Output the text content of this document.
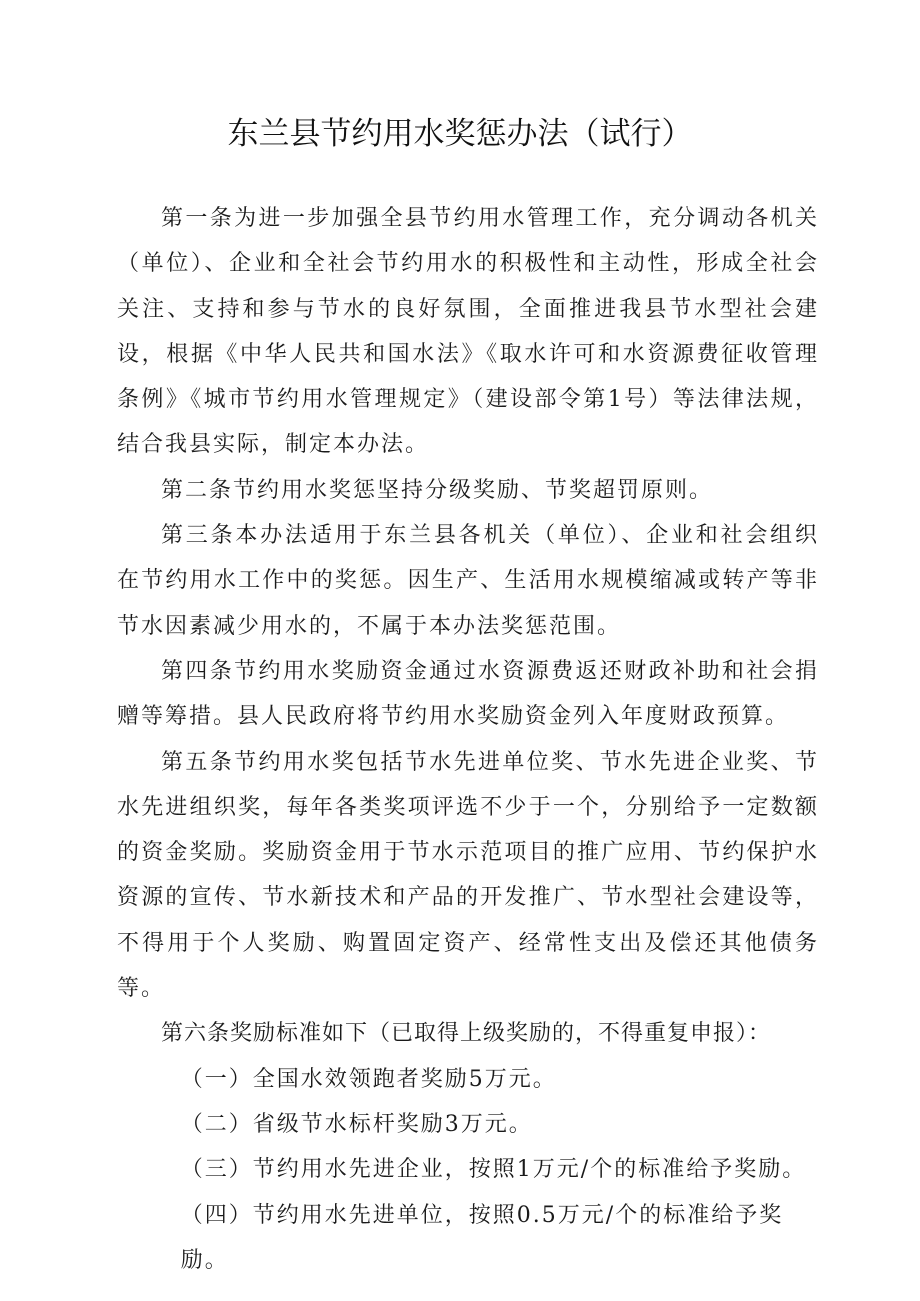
东兰县节约用水奖惩办法（试行）

第一条为进一步加强全县节约用水管理工作，充分调动各机关（单位）、企业和全社会节约用水的积极性和主动性，形成全社会关注、支持和参与节水的良好氛围，全面推进我县节水型社会建设，根据《中华人民共和国水法》《取水许可和水资源费征收管理条例》《城市节约用水管理规定》（建设部令第1号）等法律法规，结合我县实际，制定本办法。

第二条节约用水奖惩坚持分级奖励、节奖超罚原则。

第三条本办法适用于东兰县各机关（单位）、企业和社会组织在节约用水工作中的奖惩。因生产、生活用水规模缩减或转产等非节水因素减少用水的，不属于本办法奖惩范围。

第四条节约用水奖励资金通过水资源费返还财政补助和社会捐赠等筹措。县人民政府将节约用水奖励资金列入年度财政预算。

第五条节约用水奖包括节水先进单位奖、节水先进企业奖、节水先进组织奖，每年各类奖项评选不少于一个，分别给予一定数额的资金奖励。奖励资金用于节水示范项目的推广应用、节约保护水资源的宣传、节水新技术和产品的开发推广、节水型社会建设等，不得用于个人奖励、购置固定资产、经常性支出及偿还其他债务等。

第六条奖励标准如下（已取得上级奖励的，不得重复申报）：

（一）全国水效领跑者奖励5万元。

（二）省级节水标杆奖励3万元。

（三）节约用水先进企业，按照1万元/个的标准给予奖励。

（四）节约用水先进单位，按照0.5万元/个的标准给予奖励。
